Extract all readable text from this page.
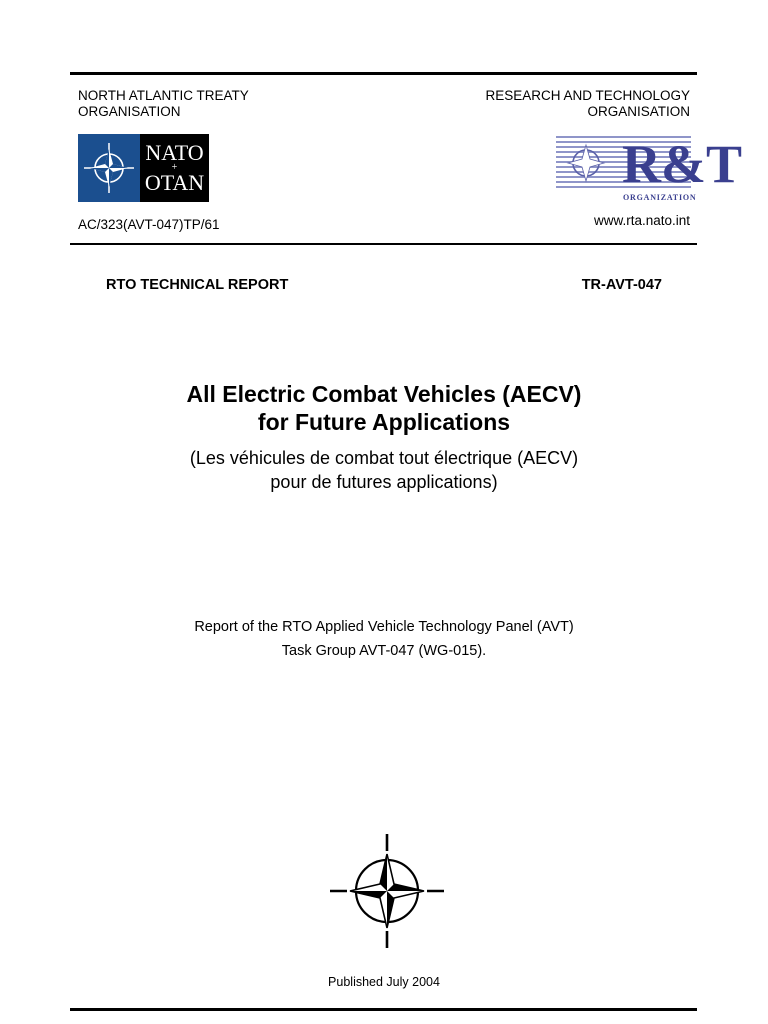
NORTH ATLANTIC TREATY
ORGANISATION
RESEARCH AND TECHNOLOGY
ORGANISATION
NATO
+
OTAN	R&T
ORGANIZATION
AC/323(AVT-047)TP/61	www.rta.nato.int
RTO TECHNICAL REPORT	TR-AVT-047
All Electric Combat Vehicles (AECV)
for Future Applications
(Les véhicules de combat tout électrique (AECV)
pour de futures applications)
Report of the RTO Applied Vehicle Technology Panel (AVT)
Task Group AVT-047 (WG-015).
Published July 2004
